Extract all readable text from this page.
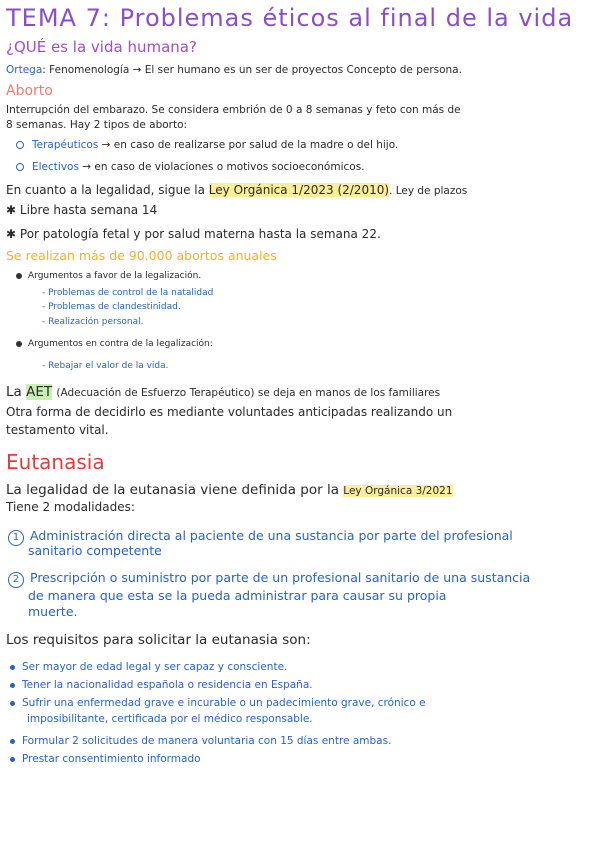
TEMA 7: Problemas éticos al final de la vida
¿QUÉ es la vida humana?
Ortega: Fenomenología → El ser humano es un ser de proyectos Concepto de persona.
Aborto
Interrupción del embarazo. Se considera embrión de 0 a 8 semanas y feto con más de
8 semanas. Hay 2 tipos de aborto:
Terapéuticos → en caso de realizarse por salud de la madre o del hijo.
Electivos → en caso de violaciones o motivos socioeconómicos.
En cuanto a la legalidad, sigue la Ley Orgánica 1/2023 (2/2010). Ley de plazos
✱ Libre hasta semana 14
✱ Por patología fetal y por salud materna hasta la semana 22.
Se realizan más de 90.000 abortos anuales
Argumentos a favor de la legalización.
- Problemas de control de la natalidad
- Problemas de clandestinidad.
- Realización personal.
Argumentos en contra de la legalización:
- Rebajar el valor de la vida.
La AET (Adecuación de Esfuerzo Terapéutico) se deja en manos de los familiares
Otra forma de decidirlo es mediante voluntades anticipadas realizando un
testamento vital.
Eutanasia
La legalidad de la eutanasia viene definida por la Ley Orgánica 3/2021
Tiene 2 modalidades:
1 Administración directa al paciente de una sustancia por parte del profesional
sanitario competente
2 Prescripción o suministro por parte de un profesional sanitario de una sustancia
de manera que esta se la pueda administrar para causar su propia
muerte.
Los requisitos para solicitar la eutanasia son:
Ser mayor de edad legal y ser capaz y consciente.
Tener la nacionalidad española o residencia en España.
Sufrir una enfermedad grave e incurable o un padecimiento grave, crónico e
imposibilitante, certificada por el médico responsable.
Formular 2 solicitudes de manera voluntaria con 15 días entre ambas.
Prestar consentimiento informado
